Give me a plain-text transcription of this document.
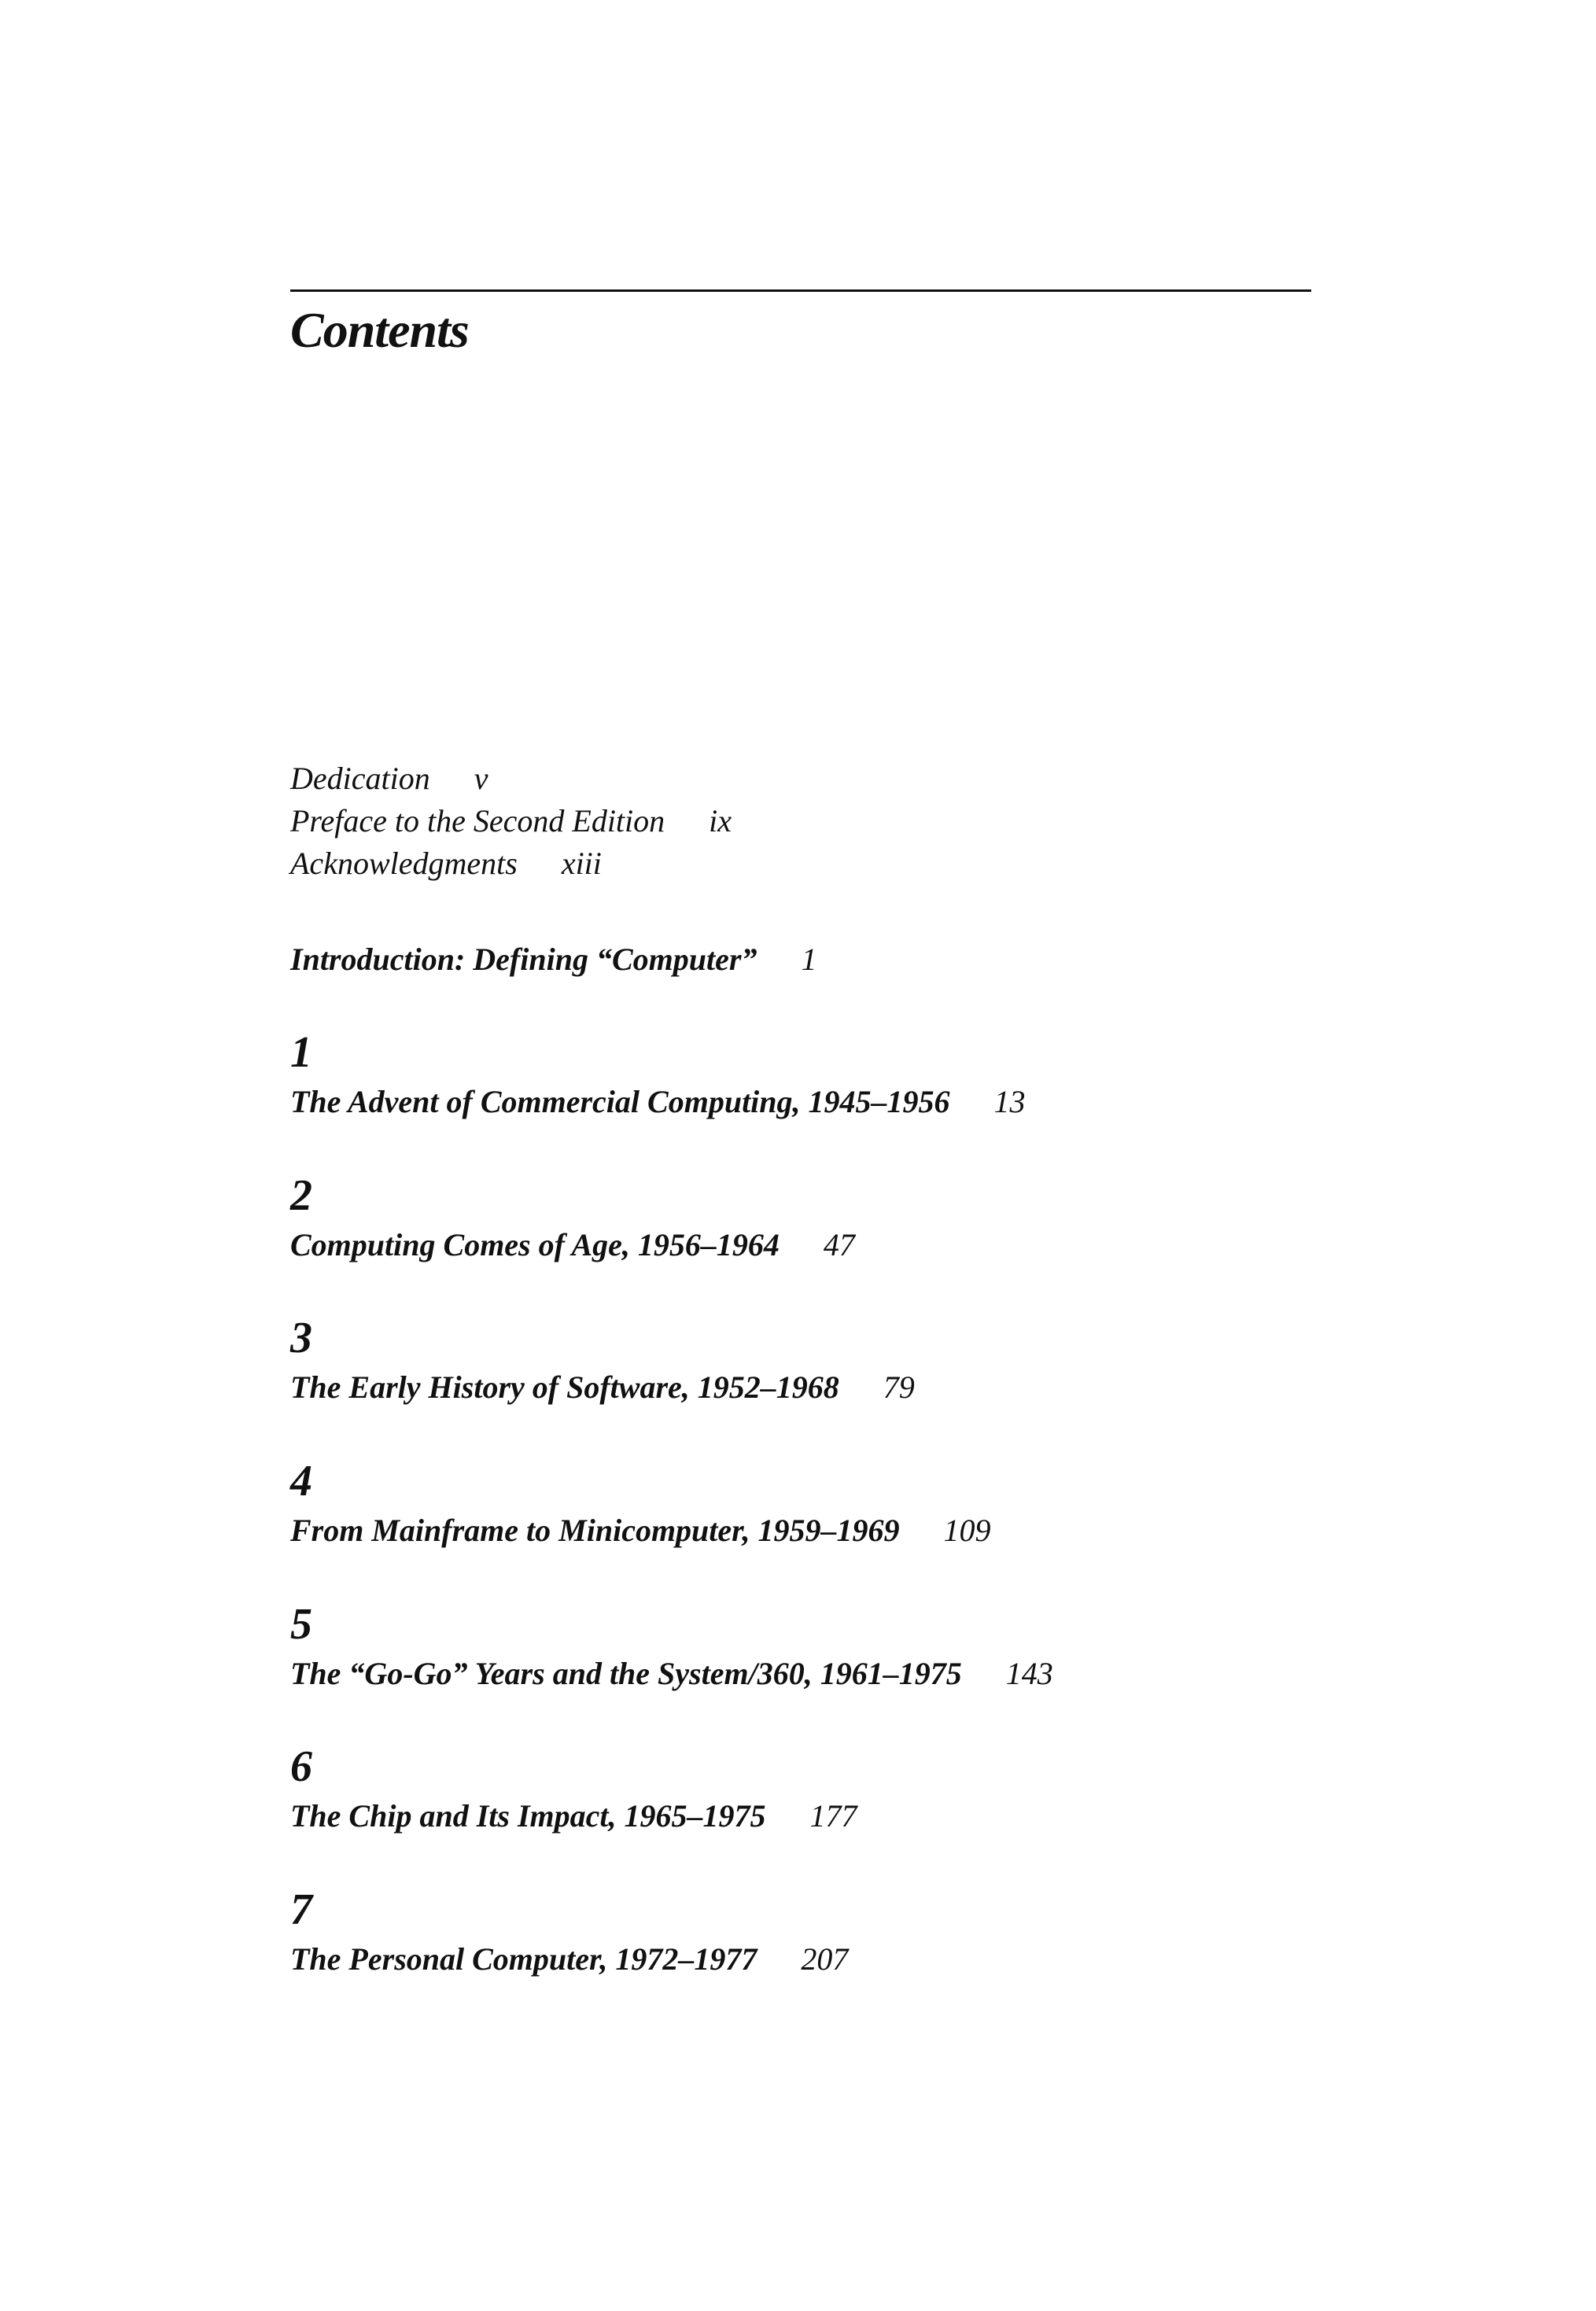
Contents
Dedication v
Preface to the Second Edition ix
Acknowledgments xiii
Introduction: Defining “Computer” 1
1
The Advent of Commercial Computing, 1945–1956 13
2
Computing Comes of Age, 1956–1964 47
3
The Early History of Software, 1952–1968 79
4
From Mainframe to Minicomputer, 1959–1969 109
5
The “Go-Go” Years and the System/360, 1961–1975 143
6
The Chip and Its Impact, 1965–1975 177
7
The Personal Computer, 1972–1977 207
